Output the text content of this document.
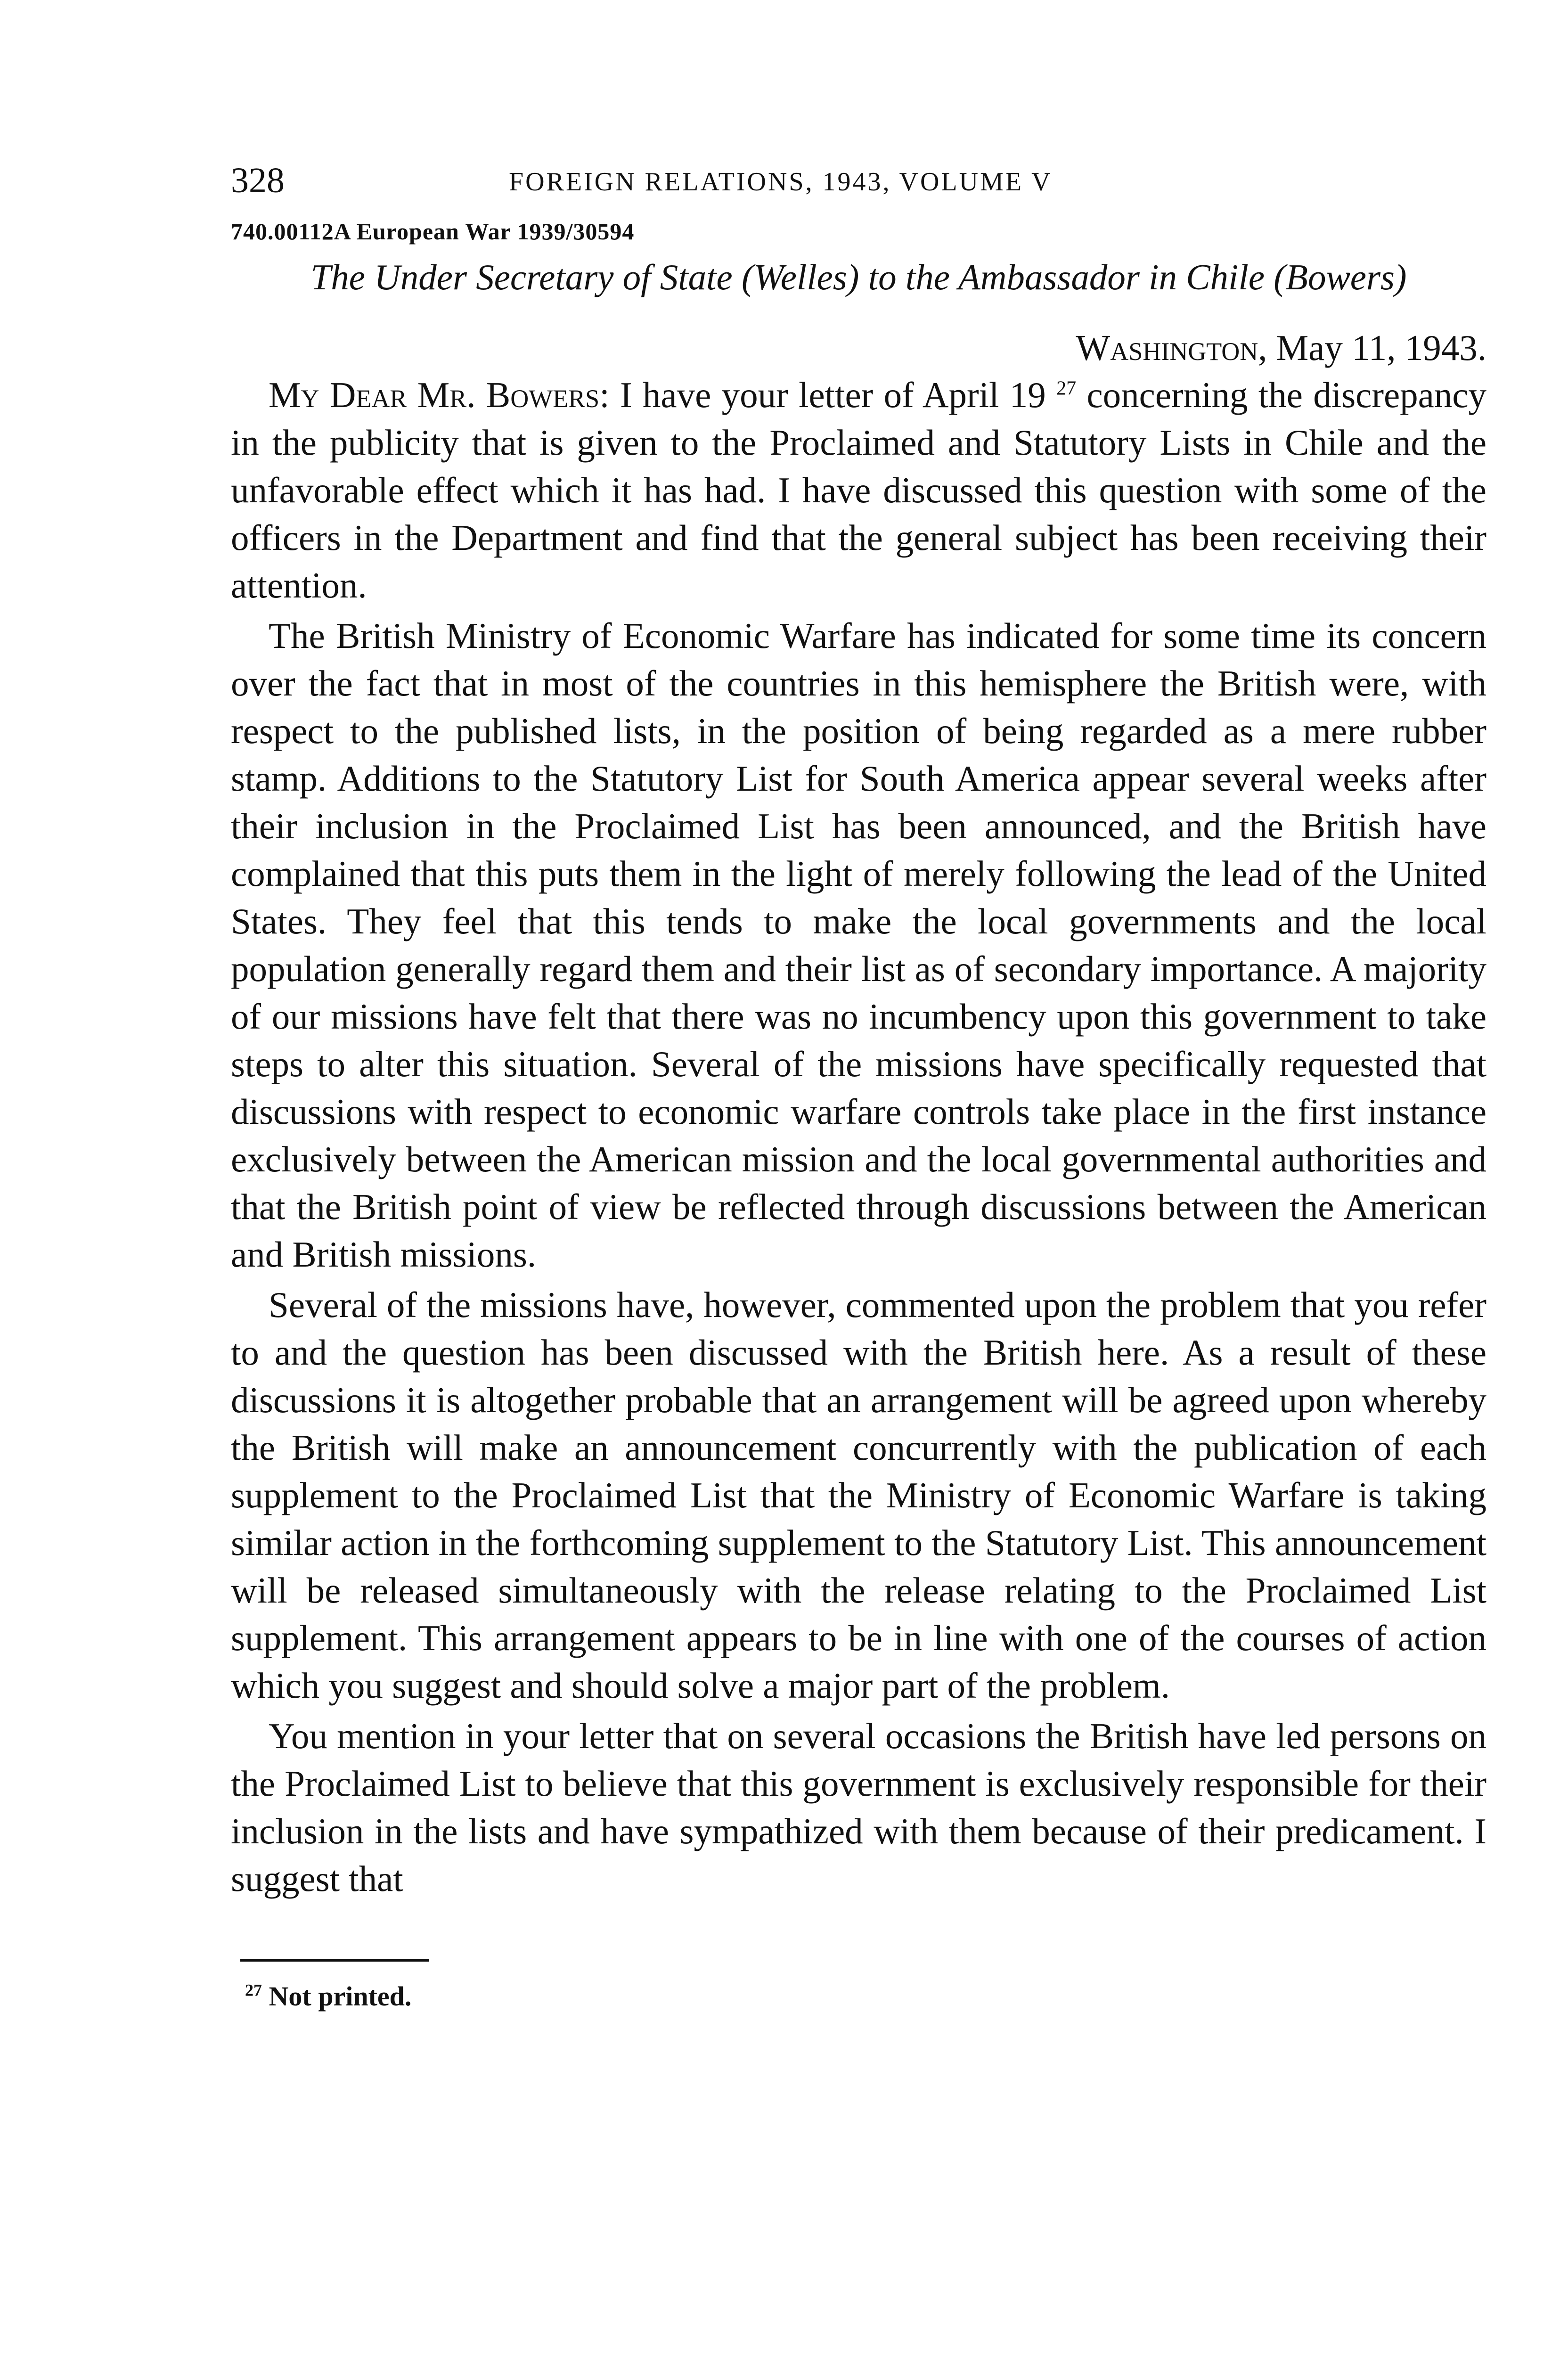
328	FOREIGN RELATIONS, 1943, VOLUME V
740.00112A European War 1939/30594
The Under Secretary of State (Welles) to the Ambassador in Chile (Bowers)
Washington, May 11, 1943.

My Dear Mr. Bowers: I have your letter of April 19 $^{27}$ concerning the discrepancy in the publicity that is given to the Proclaimed and Statutory Lists in Chile and the unfavorable effect which it has had. I have discussed this question with some of the officers in the Department and find that the general subject has been receiving their attention.

The British Ministry of Economic Warfare has indicated for some time its concern over the fact that in most of the countries in this hemisphere the British were, with respect to the published lists, in the position of being regarded as a mere rubber stamp. Additions to the Statutory List for South America appear several weeks after their inclusion in the Proclaimed List has been announced, and the British have complained that this puts them in the light of merely following the lead of the United States. They feel that this tends to make the local governments and the local population generally regard them and their list as of secondary importance. A majority of our missions have felt that there was no incumbency upon this government to take steps to alter this situation. Several of the missions have specifically requested that discussions with respect to economic warfare controls take place in the first instance exclusively between the American mission and the local governmental authorities and that the British point of view be reflected through discussions between the American and British missions.

Several of the missions have, however, commented upon the problem that you refer to and the question has been discussed with the British here. As a result of these discussions it is altogether probable that an arrangement will be agreed upon whereby the British will make an announcement concurrently with the publication of each supplement to the Proclaimed List that the Ministry of Economic Warfare is taking similar action in the forthcoming supplement to the Statutory List. This announcement will be released simultaneously with the release relating to the Proclaimed List supplement. This arrangement appears to be in line with one of the courses of action which you suggest and should solve a major part of the problem.

You mention in your letter that on several occasions the British have led persons on the Proclaimed List to believe that this government is exclusively responsible for their inclusion in the lists and have sympathized with them because of their predicament. I suggest that

$^{27}$ Not printed.
